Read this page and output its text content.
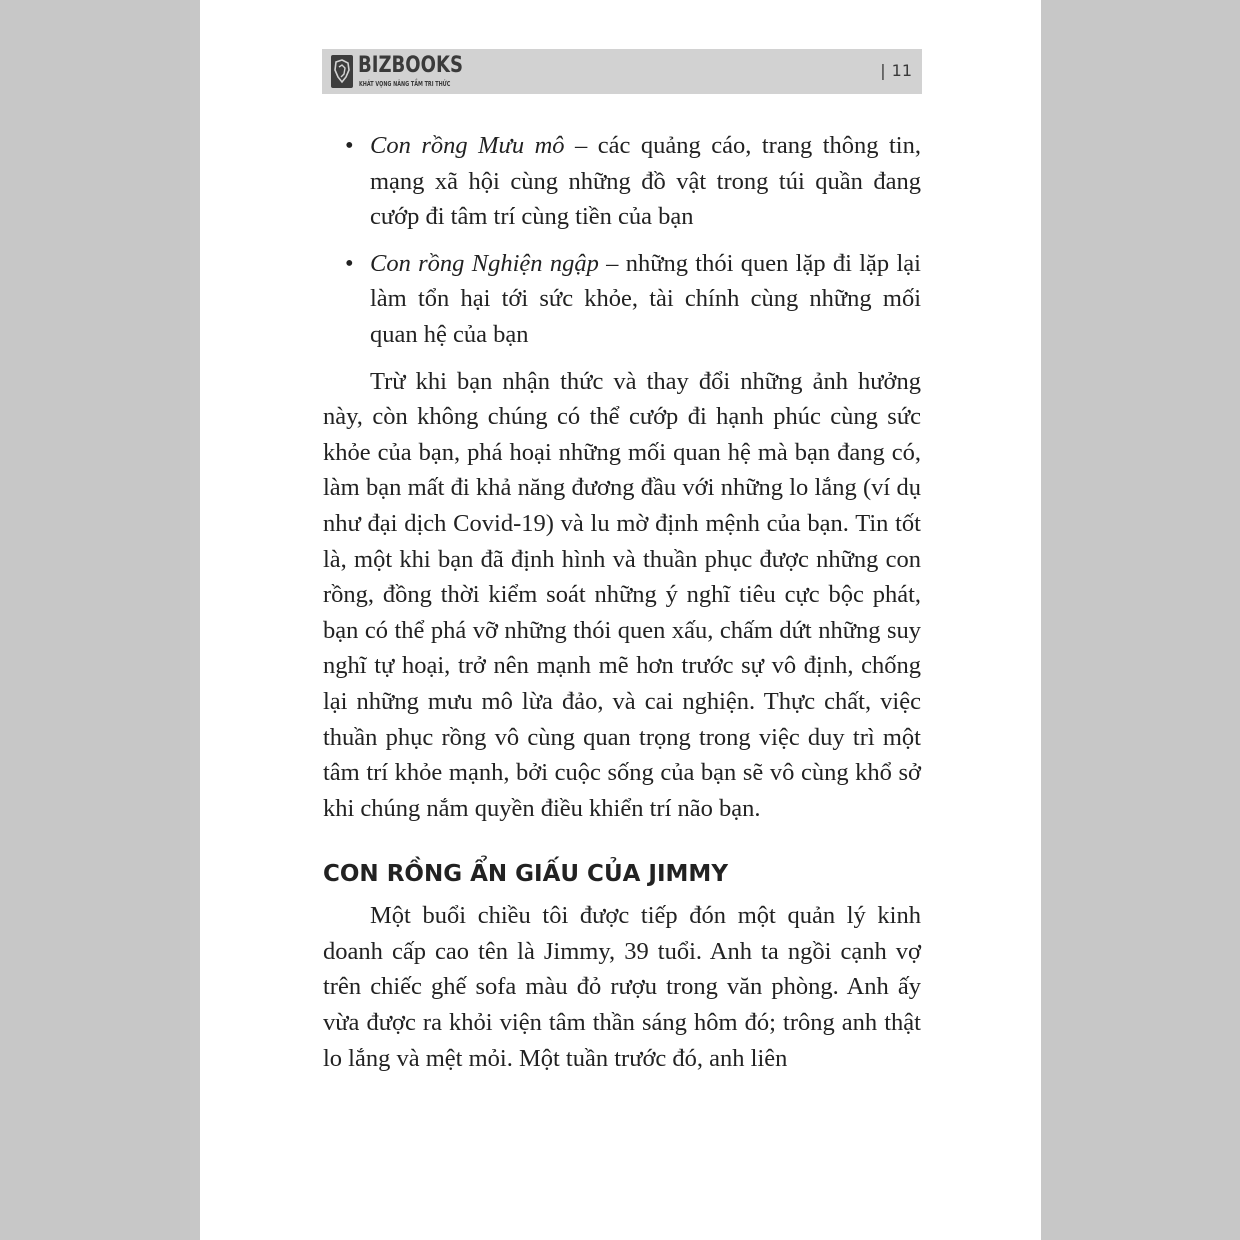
BIZBOOKS
KHÁT VỌNG NÂNG TẦM TRI THỨC
| 11
• Con rồng Mưu mô – các quảng cáo, trang thông tin, mạng xã hội cùng những đồ vật trong túi quần đang cướp đi tâm trí cùng tiền của bạn
• Con rồng Nghiện ngập – những thói quen lặp đi lặp lại làm tổn hại tới sức khỏe, tài chính cùng những mối quan hệ của bạn

Trừ khi bạn nhận thức và thay đổi những ảnh hưởng này, còn không chúng có thể cướp đi hạnh phúc cùng sức khỏe của bạn, phá hoại những mối quan hệ mà bạn đang có, làm bạn mất đi khả năng đương đầu với những lo lắng (ví dụ như đại dịch Covid-19) và lu mờ định mệnh của bạn. Tin tốt là, một khi bạn đã định hình và thuần phục được những con rồng, đồng thời kiểm soát những ý nghĩ tiêu cực bộc phát, bạn có thể phá vỡ những thói quen xấu, chấm dứt những suy nghĩ tự hoại, trở nên mạnh mẽ hơn trước sự vô định, chống lại những mưu mô lừa đảo, và cai nghiện. Thực chất, việc thuần phục rồng vô cùng quan trọng trong việc duy trì một tâm trí khỏe mạnh, bởi cuộc sống của bạn sẽ vô cùng khổ sở khi chúng nắm quyền điều khiển trí não bạn.

CON RỒNG ẨN GIẤU CỦA JIMMY

Một buổi chiều tôi được tiếp đón một quản lý kinh doanh cấp cao tên là Jimmy, 39 tuổi. Anh ta ngồi cạnh vợ trên chiếc ghế sofa màu đỏ rượu trong văn phòng. Anh ấy vừa được ra khỏi viện tâm thần sáng hôm đó; trông anh thật lo lắng và mệt mỏi. Một tuần trước đó, anh liên
